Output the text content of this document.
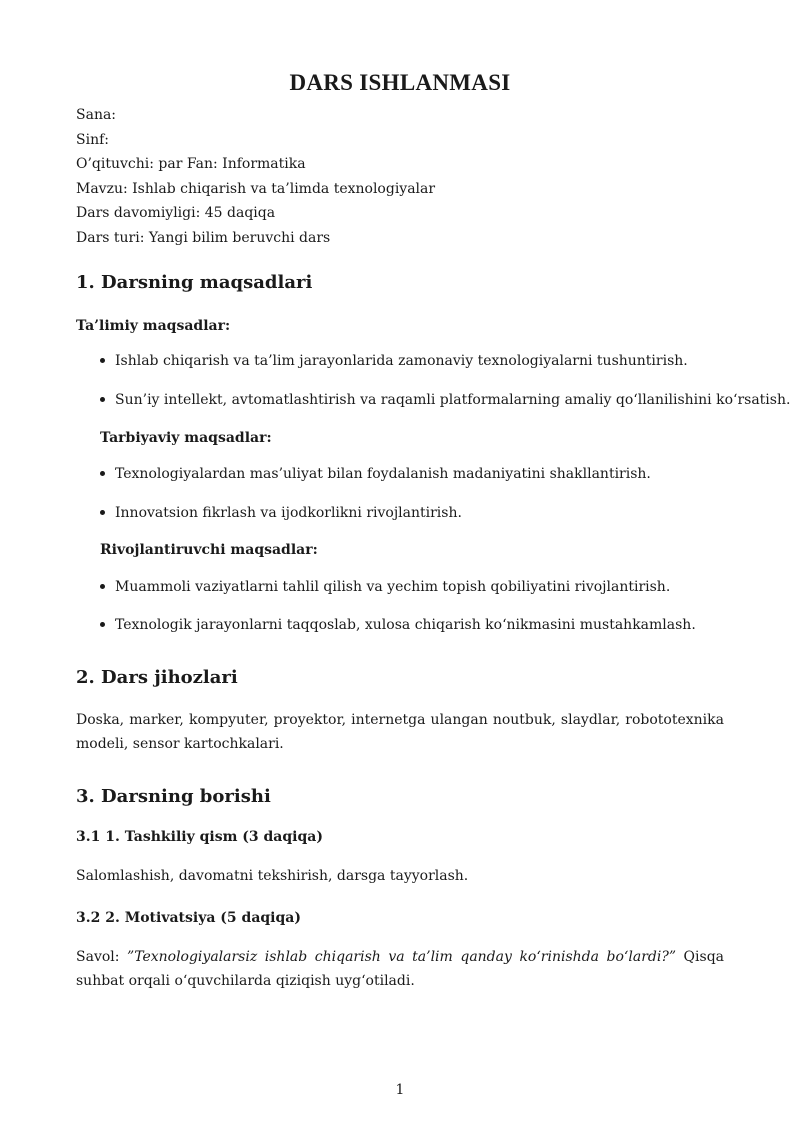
DARS ISHLANMASI
Sana:
Sinf:
O’qituvchi: par Fan: Informatika
Mavzu: Ishlab chiqarish va ta’limda texnologiyalar
Dars davomiyligi: 45 daqiqa
Dars turi: Yangi bilim beruvchi dars
1. Darsning maqsadlari
Ta’limiy maqsadlar:
Ishlab chiqarish va ta’lim jarayonlarida zamonaviy texnologiyalarni tushuntirish.
Sun’iy intellekt, avtomatlashtirish va raqamli platformalarning amaliy qo‘llanilishini ko‘rsatish.
Tarbiyaviy maqsadlar:
Texnologiyalardan mas’uliyat bilan foydalanish madaniyatini shakllantirish.
Innovatsion fikrlash va ijodkorlikni rivojlantirish.
Rivojlantiruvchi maqsadlar:
Muammoli vaziyatlarni tahlil qilish va yechim topish qobiliyatini rivojlantirish.
Texnologik jarayonlarni taqqoslab, xulosa chiqarish ko‘nikmasini mustahkamlash.
2. Dars jihozlari
Doska, marker, kompyuter, proyektor, internetga ulangan noutbuk, slaydlar, robototexnika modeli, sensor kartochkalari.
3. Darsning borishi
3.1 1. Tashkiliy qism (3 daqiqa)
Salomlashish, davomatni tekshirish, darsga tayyorlash.
3.2 2. Motivatsiya (5 daqiqa)
Savol: ”Texnologiyalarsiz ishlab chiqarish va ta’lim qanday ko‘rinishda bo‘lardi?” Qisqa suhbat orqali o‘quvchilarda qiziqish uyg‘otiladi.
1
